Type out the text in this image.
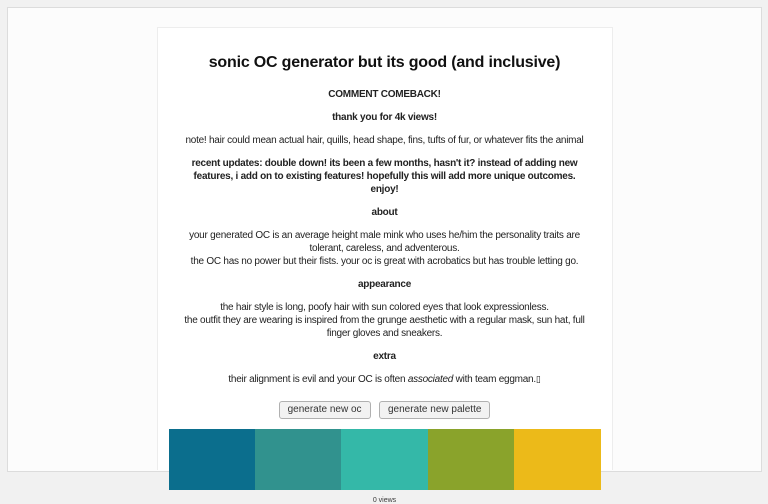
sonic OC generator but its good (and inclusive)

COMMENT COMEBACK!

thank you for 4k views!

note! hair could mean actual hair, quills, head shape, fins, tufts of fur, or whatever fits the animal

recent updates: double down! its been a few months, hasn't it? instead of adding new features, i add on to existing features! hopefully this will add more unique outcomes. enjoy!

about

your generated OC is an average height male mink who uses he/him the personality traits are tolerant, careless, and adventerous.
the OC has no power but their fists. your oc is great with acrobatics but has trouble letting go.

appearance

the hair style is long, poofy hair with sun colored eyes that look expressionless.
the outfit they are wearing is inspired from the grunge aesthetic with a regular mask, sun hat, full finger gloves and sneakers.

extra

their alignment is evil and your OC is often associated with team eggman.▯

generate new oc	generate new palette
0 views
